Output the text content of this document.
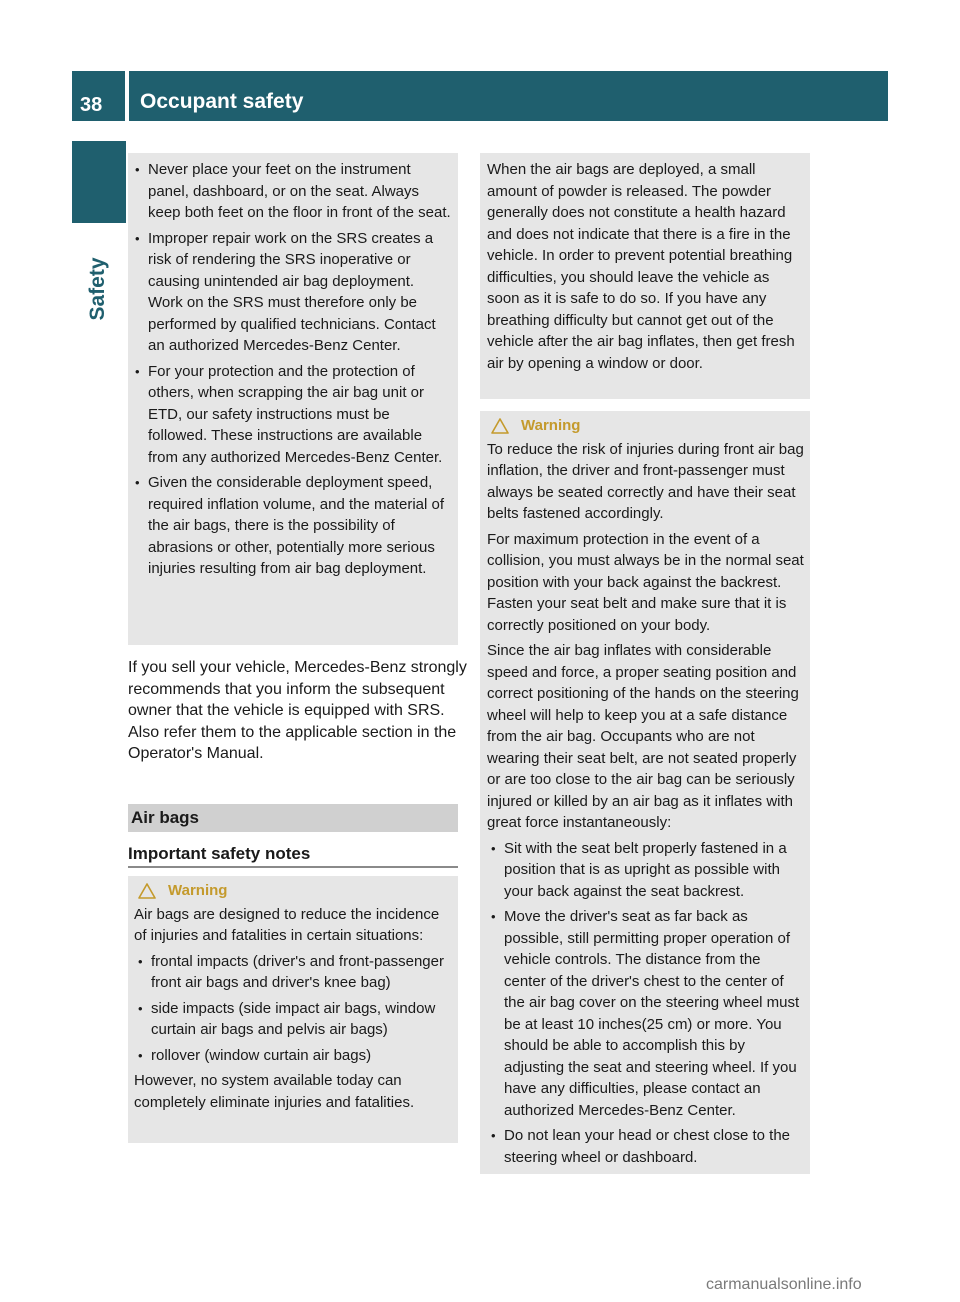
38 Occupant safety
Safety
• Never place your feet on the instrument panel, dashboard, or on the seat. Always keep both feet on the floor in front of the seat.
• Improper repair work on the SRS creates a risk of rendering the SRS inoperative or causing unintended air bag deployment. Work on the SRS must therefore only be performed by qualified technicians. Contact an authorized Mercedes-Benz Center.
• For your protection and the protection of others, when scrapping the air bag unit or ETD, our safety instructions must be followed. These instructions are available from any authorized Mercedes-Benz Center.
• Given the considerable deployment speed, required inflation volume, and the material of the air bags, there is the possibility of abrasions or other, potentially more serious injuries resulting from air bag deployment.

If you sell your vehicle, Mercedes-Benz strongly recommends that you inform the subsequent owner that the vehicle is equipped with SRS. Also refer them to the applicable section in the Operator's Manual.

Air bags
Important safety notes
Warning

Air bags are designed to reduce the incidence of injuries and fatalities in certain situations:

• frontal impacts (driver's and front-passenger front air bags and driver's knee bag)
• side impacts (side impact air bags, window curtain air bags and pelvis air bags)
• rollover (window curtain air bags)

However, no system available today can completely eliminate injuries and fatalities.

When the air bags are deployed, a small amount of powder is released. The powder generally does not constitute a health hazard and does not indicate that there is a fire in the vehicle. In order to prevent potential breathing difficulties, you should leave the vehicle as soon as it is safe to do so. If you have any breathing difficulty but cannot get out of the vehicle after the air bag inflates, then get fresh air by opening a window or door.

Warning

To reduce the risk of injuries during front air bag inflation, the driver and front-passenger must always be seated correctly and have their seat belts fastened accordingly.

For maximum protection in the event of a collision, you must always be in the normal seat position with your back against the backrest. Fasten your seat belt and make sure that it is correctly positioned on your body.

Since the air bag inflates with considerable speed and force, a proper seating position and correct positioning of the hands on the steering wheel will help to keep you at a safe distance from the air bag. Occupants who are not wearing their seat belt, are not seated properly or are too close to the air bag can be seriously injured or killed by an air bag as it inflates with great force instantaneously:

• Sit with the seat belt properly fastened in a position that is as upright as possible with your back against the seat backrest.
• Move the driver's seat as far back as possible, still permitting proper operation of vehicle controls. The distance from the center of the driver's chest to the center of the air bag cover on the steering wheel must be at least 10 inches(25 cm) or more. You should be able to accomplish this by adjusting the seat and steering wheel. If you have any difficulties, please contact an authorized Mercedes-Benz Center.
• Do not lean your head or chest close to the steering wheel or dashboard.
carmanualsonline.info
